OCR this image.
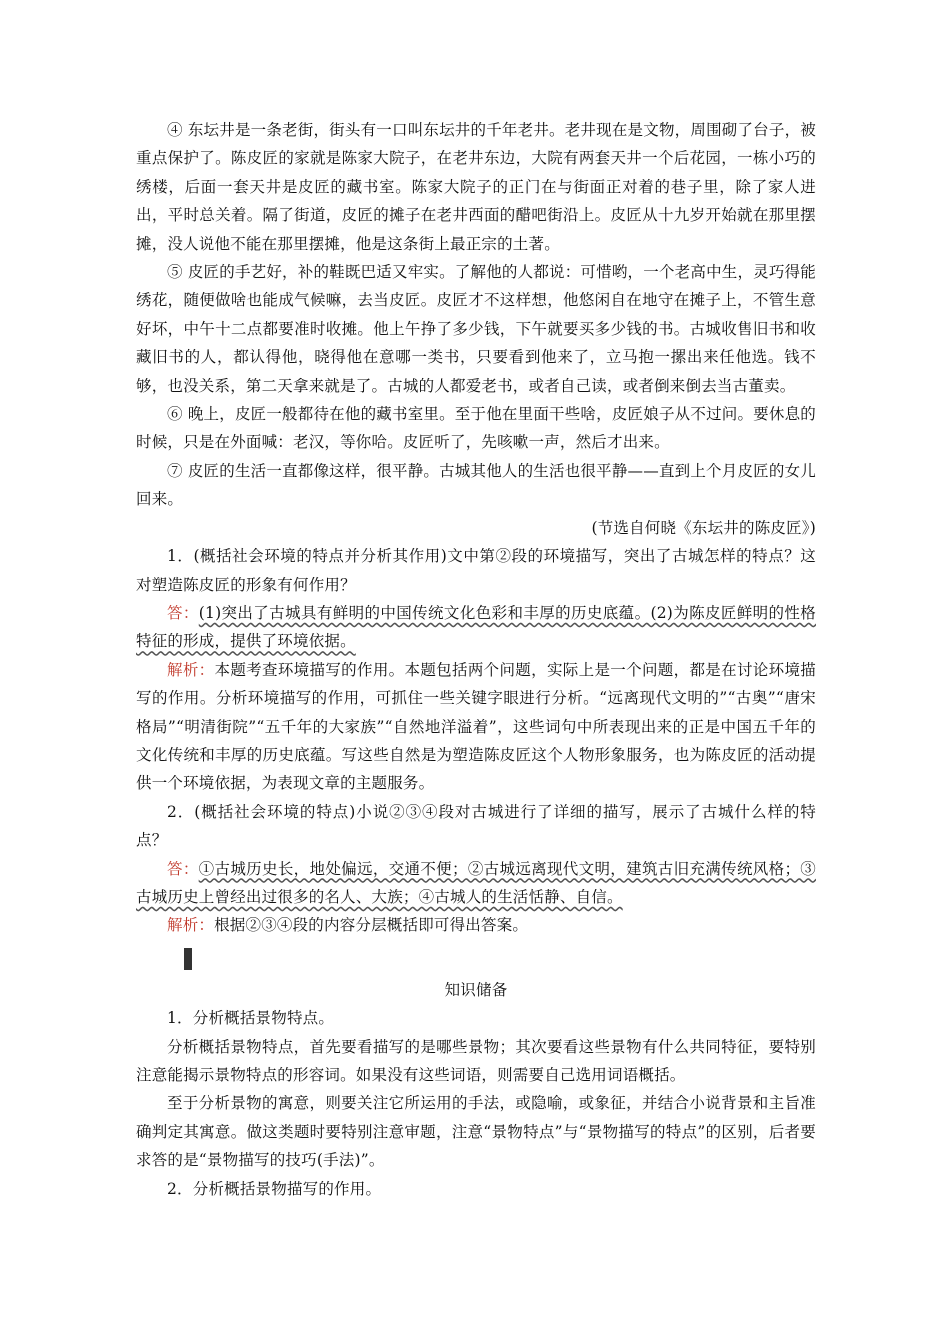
④ 东坛井是一条老街，街头有一口叫东坛井的千年老井。老井现在是文物，周围砌了台子，被重点保护了。陈皮匠的家就是陈家大院子，在老井东边，大院有两套天井一个后花园，一栋小巧的绣楼，后面一套天井是皮匠的藏书室。陈家大院子的正门在与街面正对着的巷子里，除了家人进出，平时总关着。隔了街道，皮匠的摊子在老井西面的醋吧街沿上。皮匠从十九岁开始就在那里摆摊，没人说他不能在那里摆摊，他是这条街上最正宗的土著。

⑤ 皮匠的手艺好，补的鞋既巴适又牢实。了解他的人都说：可惜哟，一个老高中生，灵巧得能绣花，随便做啥也能成气候嘛，去当皮匠。皮匠才不这样想，他悠闲自在地守在摊子上，不管生意好坏，中午十二点都要准时收摊。他上午挣了多少钱，下午就要买多少钱的书。古城收售旧书和收藏旧书的人，都认得他，晓得他在意哪一类书，只要看到他来了，立马抱一摞出来任他选。钱不够，也没关系，第二天拿来就是了。古城的人都爱老书，或者自己读，或者倒来倒去当古董卖。

⑥ 晚上，皮匠一般都待在他的藏书室里。至于他在里面干些啥，皮匠娘子从不过问。要休息的时候，只是在外面喊：老汉，等你哈。皮匠听了，先咳嗽一声，然后才出来。

⑦ 皮匠的生活一直都像这样，很平静。古城其他人的生活也很平静——直到上个月皮匠的女儿回来。

(节选自何晓《东坛井的陈皮匠》)

1．(概括社会环境的特点并分析其作用)文中第②段的环境描写，突出了古城怎样的特点？这对塑造陈皮匠的形象有何作用？

答：(1)突出了古城具有鲜明的中国传统文化色彩和丰厚的历史底蕴。(2)为陈皮匠鲜明的性格特征的形成，提供了环境依据。

解析：本题考查环境描写的作用。本题包括两个问题，实际上是一个问题，都是在讨论环境描写的作用。分析环境描写的作用，可抓住一些关键字眼进行分析。“远离现代文明的”“古奥”“唐宋格局”“明清街院”“五千年的大家族”“自然地洋溢着”，这些词句中所表现出来的正是中国五千年的文化传统和丰厚的历史底蕴。写这些自然是为塑造陈皮匠这个人物形象服务，也为陈皮匠的活动提供一个环境依据，为表现文章的主题服务。

2．(概括社会环境的特点)小说②③④段对古城进行了详细的描写，展示了古城什么样的特点？

答：①古城历史长，地处偏远，交通不便；②古城远离现代文明，建筑古旧充满传统风格；③古城历史上曾经出过很多的名人、大族；④古城人的生活恬静、自信。

解析：根据②③④段的内容分层概括即可得出答案。

知识储备

1．分析概括景物特点。

分析概括景物特点，首先要看描写的是哪些景物；其次要看这些景物有什么共同特征，要特别注意能揭示景物特点的形容词。如果没有这些词语，则需要自己选用词语概括。

至于分析景物的寓意，则要关注它所运用的手法，或隐喻，或象征，并结合小说背景和主旨准确判定其寓意。做这类题时要特别注意审题，注意“景物特点”与“景物描写的特点”的区别，后者要求答的是“景物描写的技巧(手法)”。

2．分析概括景物描写的作用。
